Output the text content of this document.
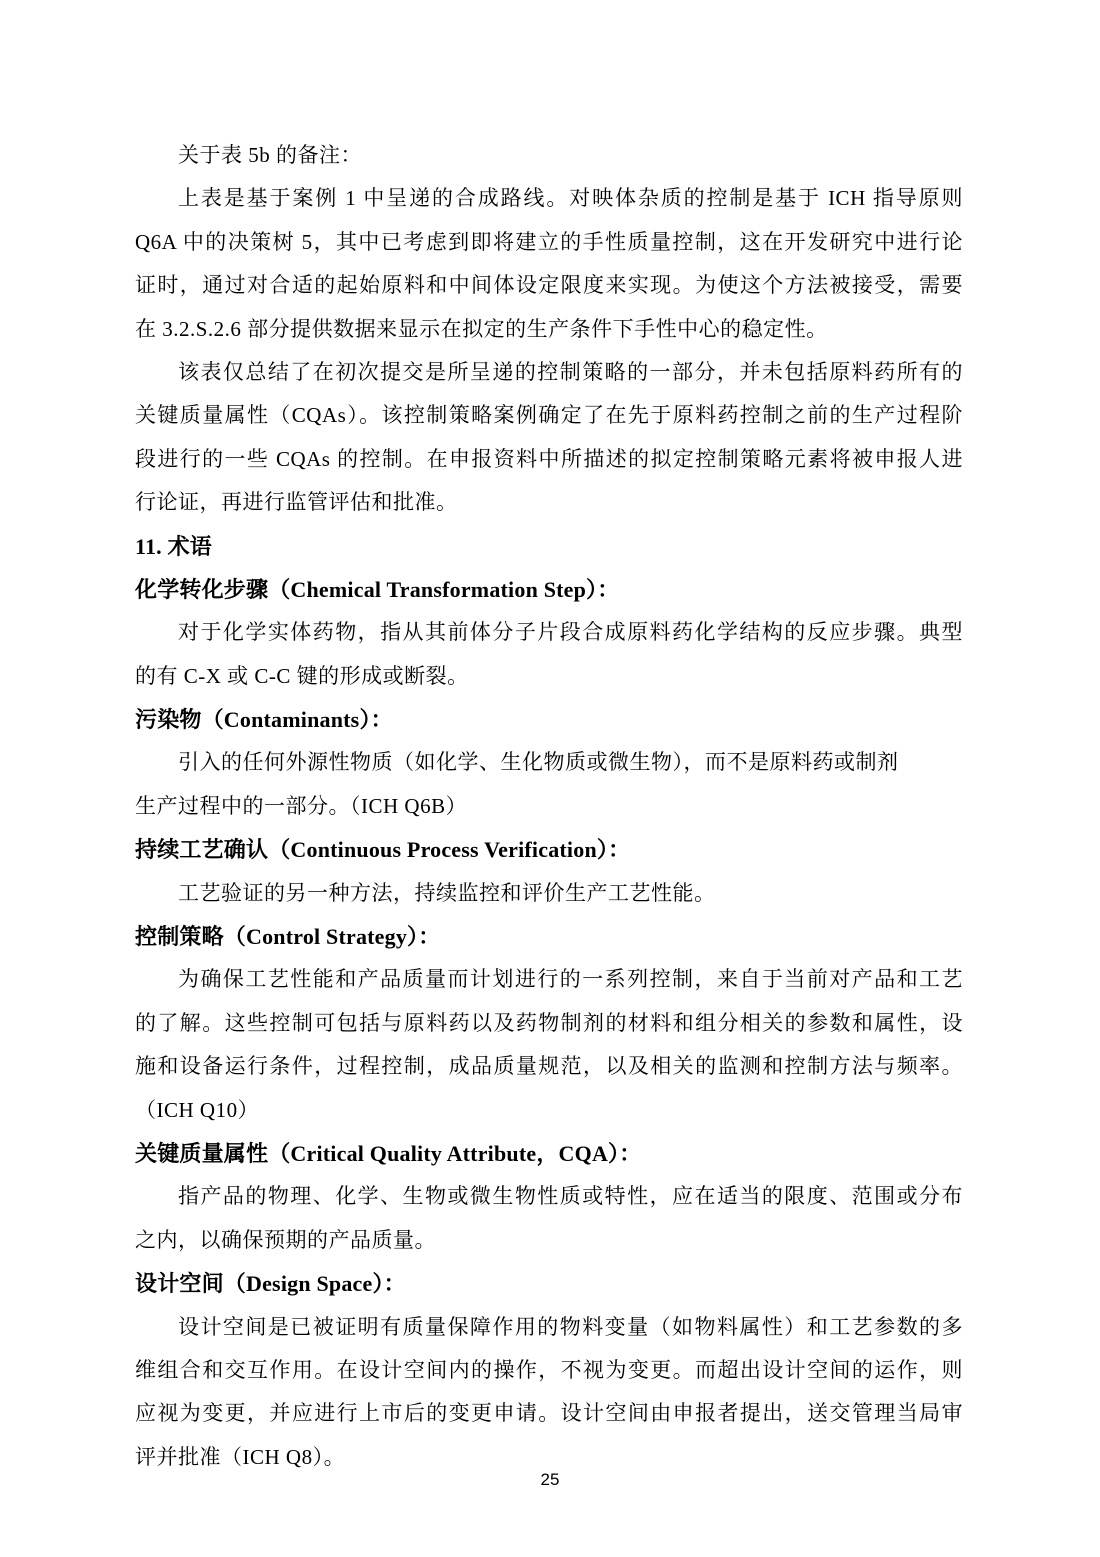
关于表 5b 的备注：
上表是基于案例 1 中呈递的合成路线。对映体杂质的控制是基于 ICH 指导原则
Q6A 中的决策树 5，其中已考虑到即将建立的手性质量控制，这在开发研究中进行论
证时，通过对合适的起始原料和中间体设定限度来实现。为使这个方法被接受，需要
在 3.2.S.2.6 部分提供数据来显示在拟定的生产条件下手性中心的稳定性。
该表仅总结了在初次提交是所呈递的控制策略的一部分，并未包括原料药所有的
关键质量属性（CQAs）。该控制策略案例确定了在先于原料药控制之前的生产过程阶
段进行的一些 CQAs 的控制。在申报资料中所描述的拟定控制策略元素将被申报人进
行论证，再进行监管评估和批准。
11. 术语
化学转化步骤（Chemical Transformation Step）：
对于化学实体药物，指从其前体分子片段合成原料药化学结构的反应步骤。典型
的有 C-X 或 C-C 键的形成或断裂。
污染物（Contaminants）：
引入的任何外源性物质（如化学、生化物质或微生物），而不是原料药或制剂
生产过程中的一部分。（ICH Q6B）
持续工艺确认（Continuous Process Verification）：
工艺验证的另一种方法，持续监控和评价生产工艺性能。
控制策略（Control Strategy）：
为确保工艺性能和产品质量而计划进行的一系列控制，来自于当前对产品和工艺
的了解。这些控制可包括与原料药以及药物制剂的材料和组分相关的参数和属性，设
施和设备运行条件，过程控制，成品质量规范，以及相关的监测和控制方法与频率。
（ICH Q10）
关键质量属性（Critical Quality Attribute，CQA）：
指产品的物理、化学、生物或微生物性质或特性，应在适当的限度、范围或分布
之内，以确保预期的产品质量。
设计空间（Design Space）：
设计空间是已被证明有质量保障作用的物料变量（如物料属性）和工艺参数的多
维组合和交互作用。在设计空间内的操作，不视为变更。而超出设计空间的运作，则
应视为变更，并应进行上市后的变更申请。设计空间由申报者提出，送交管理当局审
评并批准（ICH Q8）。
25
